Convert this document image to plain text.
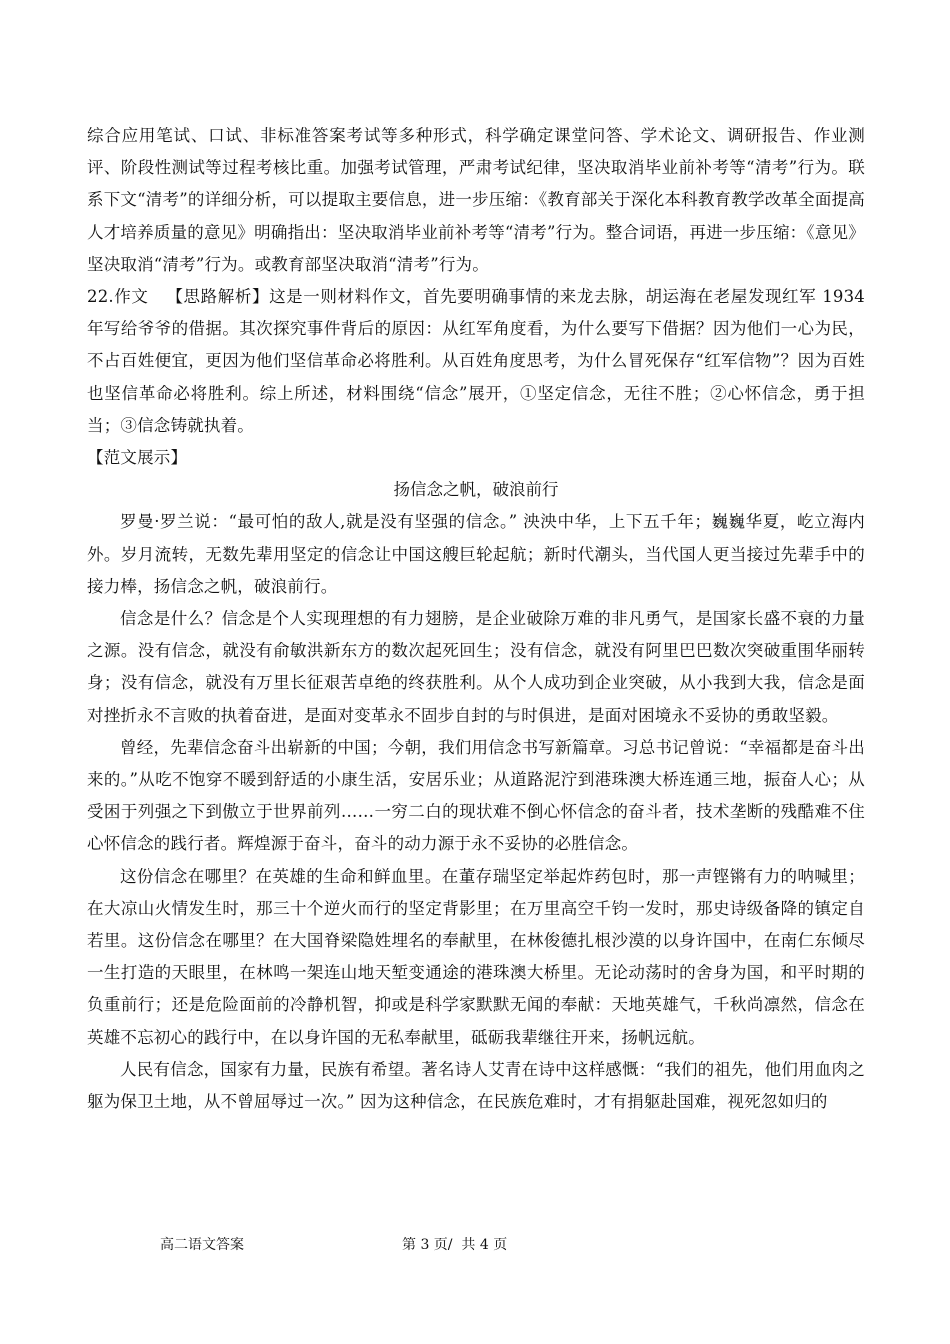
综合应用笔试、口试、非标准答案考试等多种形式，科学确定课堂问答、学术论文、调研报告、作业测评、阶段性测试等过程考核比重。加强考试管理，严肃考试纪律，坚决取消毕业前补考等“清考”行为。联系下文“清考”的详细分析，可以提取主要信息，进一步压缩：《教育部关于深化本科教育教学改革全面提高人才培养质量的意见》明确指出：坚决取消毕业前补考等“清考”行为。整合词语，再进一步压缩：《意见》坚决取消“清考”行为。或教育部坚决取消“清考”行为。

22.作文 【思路解析】这是一则材料作文，首先要明确事情的来龙去脉，胡运海在老屋发现红军 1934 年写给爷爷的借据。其次探究事件背后的原因：从红军角度看，为什么要写下借据？因为他们一心为民，不占百姓便宜，更因为他们坚信革命必将胜利。从百姓角度思考，为什么冒死保存“红军信物”？因为百姓也坚信革命必将胜利。综上所述，材料围绕“信念”展开，①坚定信念，无往不胜；②心怀信念，勇于担当；③信念铸就执着。

【范文展示】

扬信念之帆，破浪前行

罗曼·罗兰说：“最可怕的敌人,就是没有坚强的信念。” 泱泱中华，上下五千年；巍巍华夏，屹立海内外。岁月流转，无数先辈用坚定的信念让中国这艘巨轮起航；新时代潮头，当代国人更当接过先辈手中的接力棒，扬信念之帆，破浪前行。

信念是什么？信念是个人实现理想的有力翅膀，是企业破除万难的非凡勇气，是国家长盛不衰的力量之源。没有信念，就没有俞敏洪新东方的数次起死回生；没有信念，就没有阿里巴巴数次突破重围华丽转身；没有信念，就没有万里长征艰苦卓绝的终获胜利。从个人成功到企业突破，从小我到大我，信念是面对挫折永不言败的执着奋进，是面对变革永不固步自封的与时俱进，是面对困境永不妥协的勇敢坚毅。

曾经，先辈信念奋斗出崭新的中国；今朝，我们用信念书写新篇章。习总书记曾说：“幸福都是奋斗出来的。”从吃不饱穿不暖到舒适的小康生活，安居乐业；从道路泥泞到港珠澳大桥连通三地，振奋人心；从受困于列强之下到傲立于世界前列……一穷二白的现状难不倒心怀信念的奋斗者，技术垄断的残酷难不住心怀信念的践行者。辉煌源于奋斗，奋斗的动力源于永不妥协的必胜信念。

这份信念在哪里？在英雄的生命和鲜血里。在董存瑞坚定举起炸药包时，那一声铿锵有力的呐喊里；在大凉山火情发生时，那三十个逆火而行的坚定背影里；在万里高空千钧一发时，那史诗级备降的镇定自若里。这份信念在哪里？在大国脊梁隐姓埋名的奉献里，在林俊德扎根沙漠的以身许国中，在南仁东倾尽一生打造的天眼里，在林鸣一架连山地天堑变通途的港珠澳大桥里。无论动荡时的舍身为国，和平时期的负重前行；还是危险面前的冷静机智，抑或是科学家默默无闻的奉献：天地英雄气，千秋尚凛然，信念在英雄不忘初心的践行中，在以身许国的无私奉献里，砥砺我辈继往开来，扬帆远航。

人民有信念，国家有力量，民族有希望。著名诗人艾青在诗中这样感慨：“我们的祖先，他们用血肉之躯为保卫土地，从不曾屈辱过一次。” 因为这种信念，在民族危难时，才有捐躯赴国难，视死忽如归的

高二语文答案	第 3 页/  共 4 页
